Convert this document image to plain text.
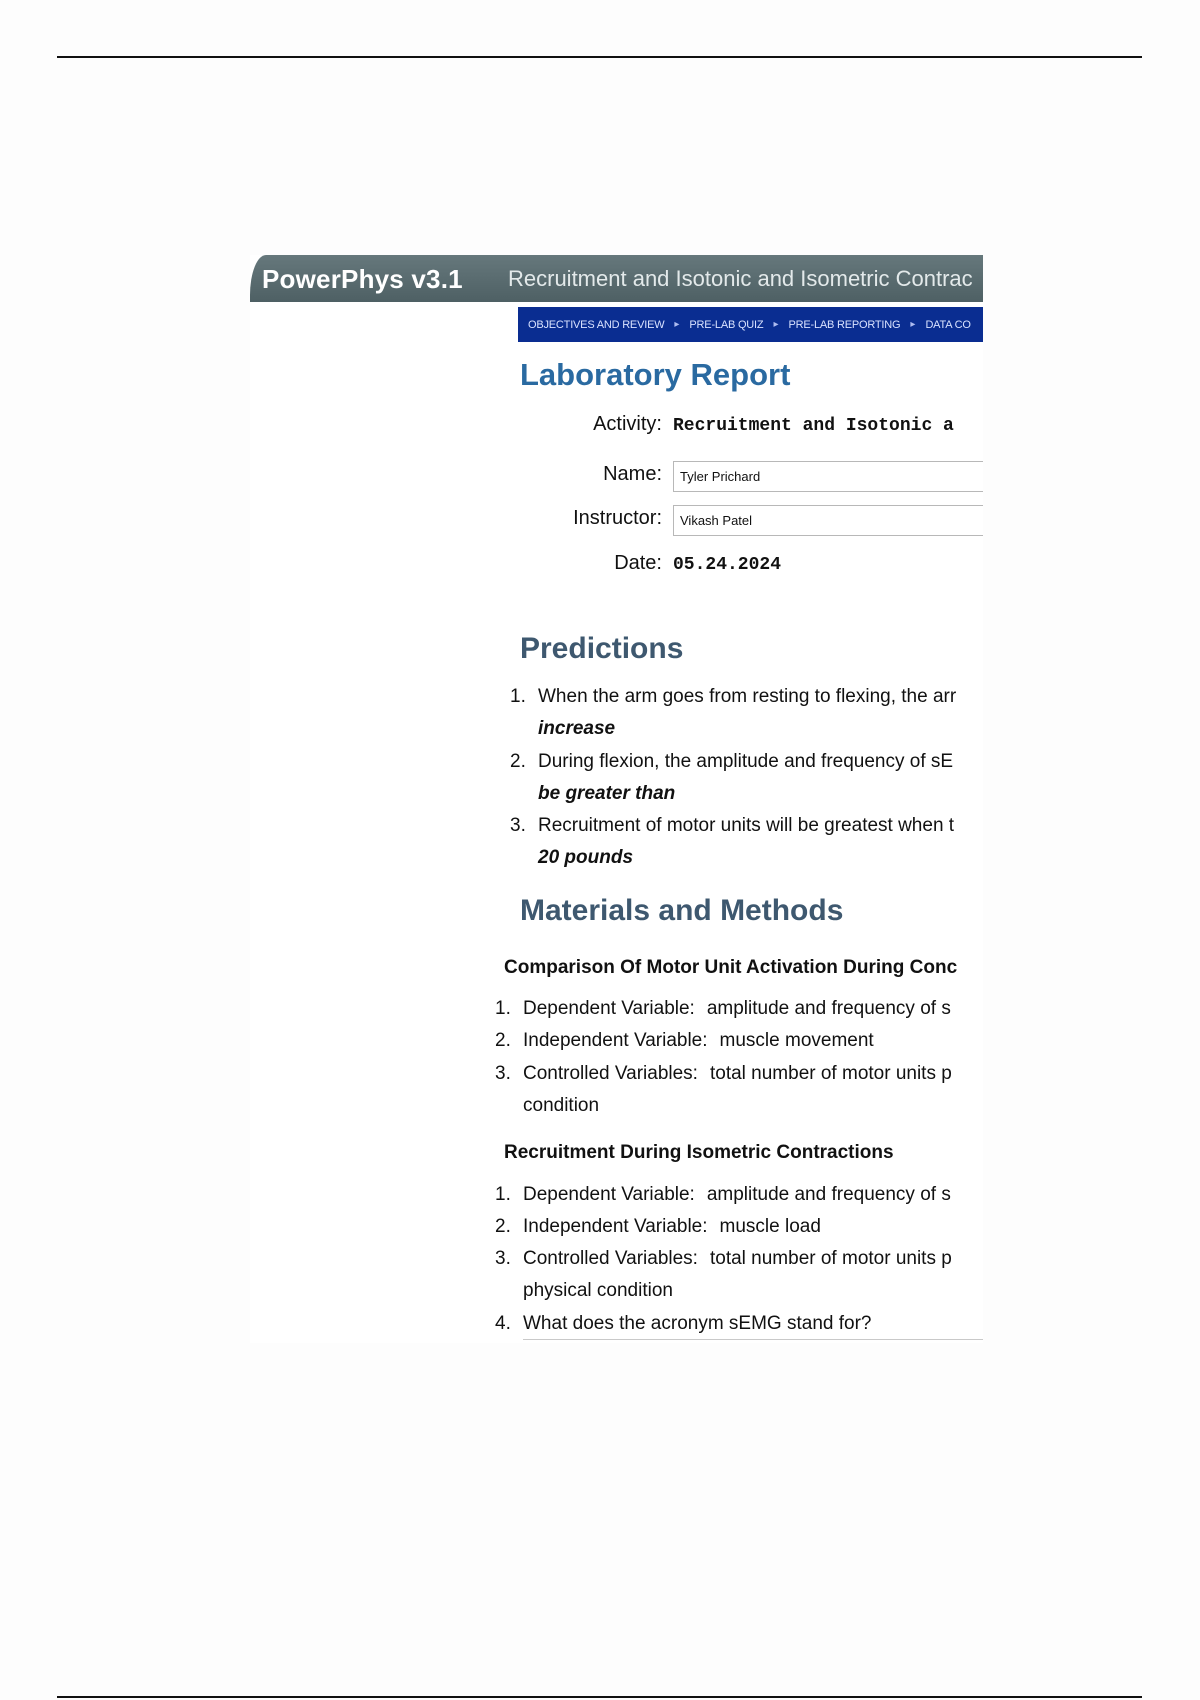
PowerPhys v3.1 Recruitment and Isotonic and Isometric Contrac
OBJECTIVES AND REVIEW	▸ PRE-LAB QUIZ	▸ PRE-LAB REPORTING	▸ DATA CO
Laboratory Report
Activity: Recruitment and Isotonic a
Name:
Tyler Prichard
Instructor:
Vikash Patel
Date: 05.24.2024
Predictions
1. When the arm goes from resting to flexing, the arr
increase
2. During flexion, the amplitude and frequency of sE
be greater than
3. Recruitment of motor units will be greatest when t
20 pounds
Materials and Methods
Comparison Of Motor Unit Activation During Conc
1. Dependent Variable: amplitude and frequency of s
2. Independent Variable: muscle movement
3. Controlled Variables: total number of motor units p
condition
Recruitment During Isometric Contractions
1. Dependent Variable: amplitude and frequency of s
2. Independent Variable: muscle load
3. Controlled Variables: total number of motor units p
physical condition
4. What does the acronym sEMG stand for?
